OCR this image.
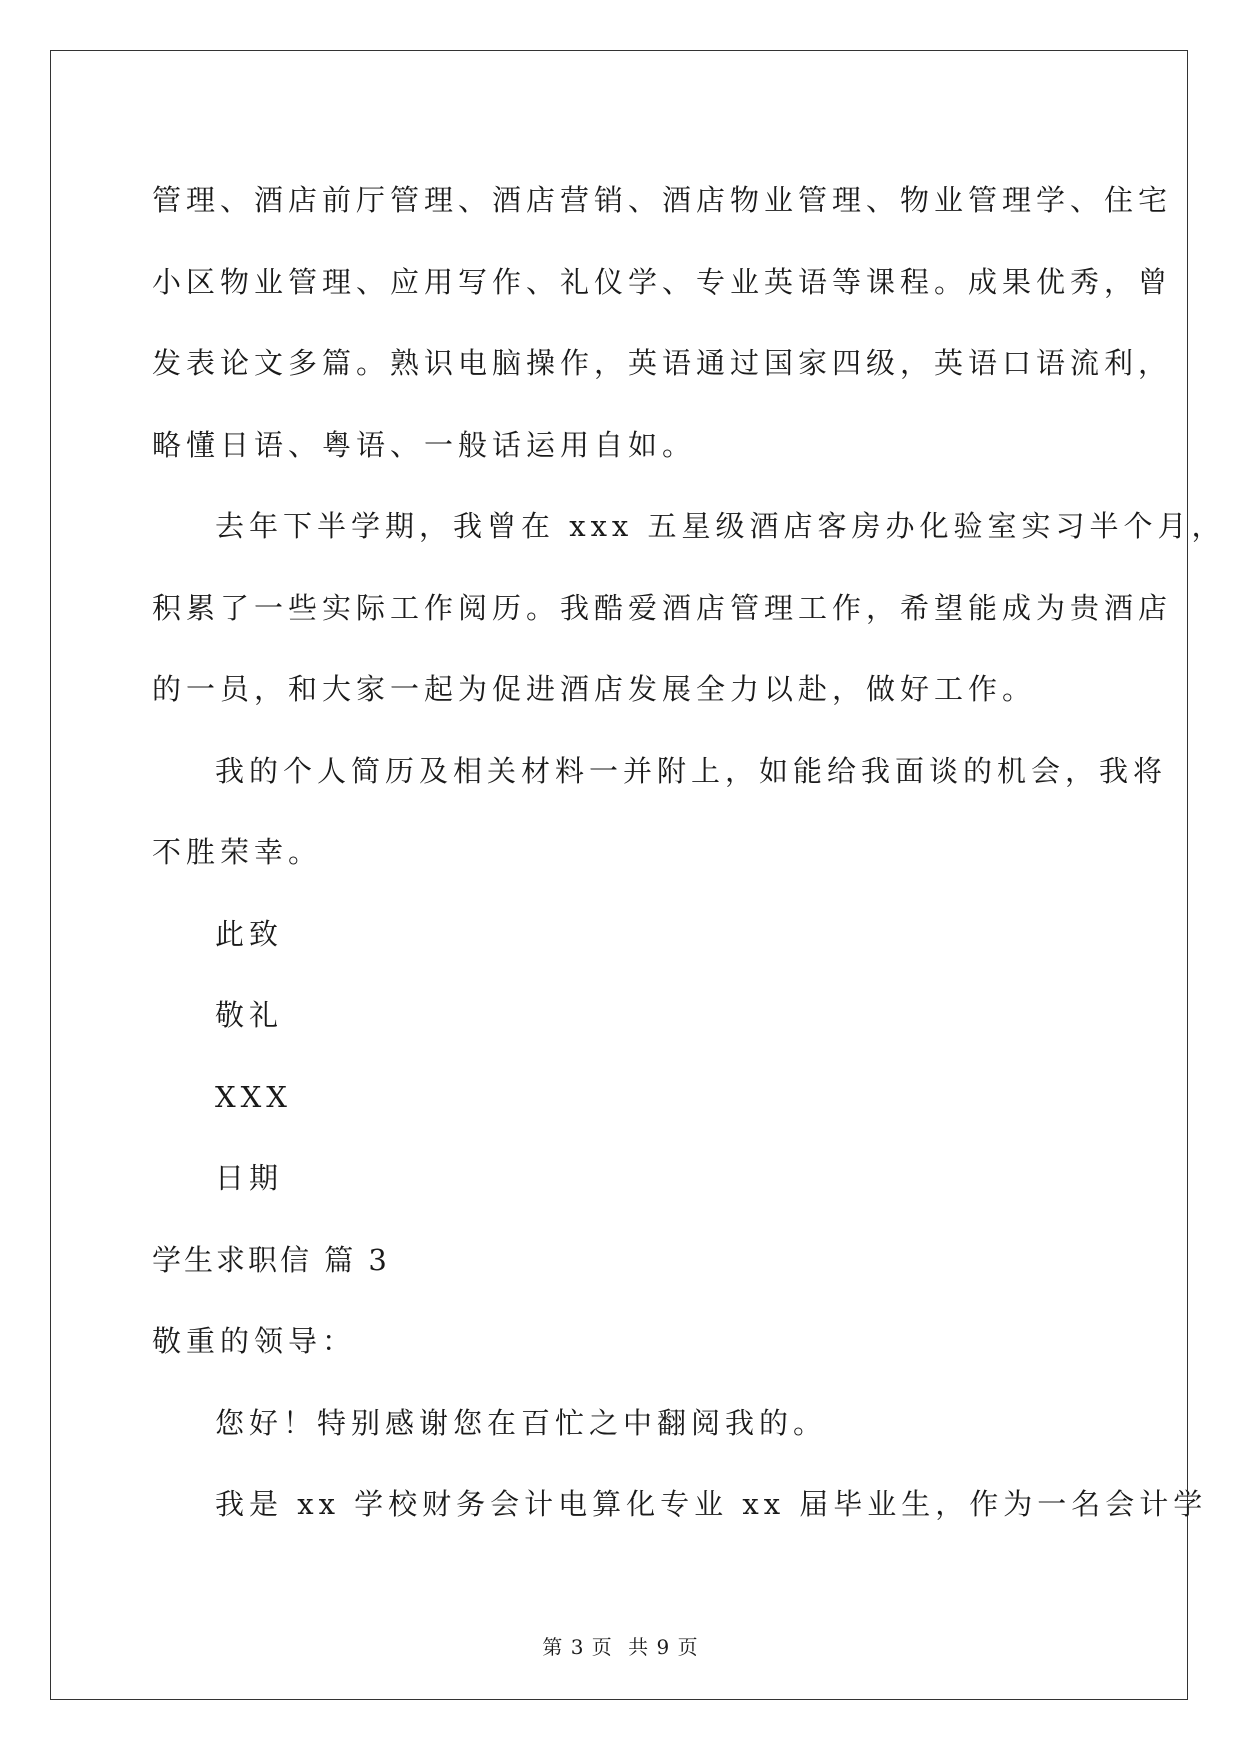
管理、酒店前厅管理、酒店营销、酒店物业管理、物业管理学、住宅
小区物业管理、应用写作、礼仪学、专业英语等课程。成果优秀，曾
发表论文多篇。熟识电脑操作，英语通过国家四级，英语口语流利，
略懂日语、粤语、一般话运用自如。
去年下半学期，我曾在 xxx 五星级酒店客房办化验室实习半个月，
积累了一些实际工作阅历。我酷爱酒店管理工作，希望能成为贵酒店
的一员，和大家一起为促进酒店发展全力以赴，做好工作。
我的个人简历及相关材料一并附上，如能给我面谈的机会，我将
不胜荣幸。
此致
敬礼
XXX
日期
学生求职信 篇 3
敬重的领导：
您好！特别感谢您在百忙之中翻阅我的。
我是 xx 学校财务会计电算化专业 xx 届毕业生，作为一名会计学
第 3 页 共 9 页
